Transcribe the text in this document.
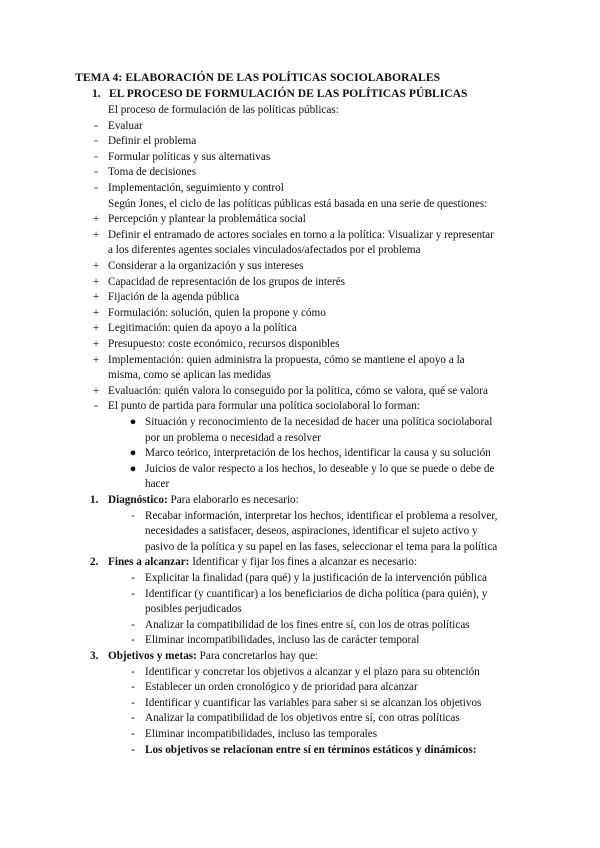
TEMA 4: ELABORACIÓN DE LAS POLÍTICAS SOCIOLABORALES
1. EL PROCESO DE FORMULACIÓN DE LAS POLÍTICAS PÚBLICAS
El proceso de formulación de las políticas públicas:
- Evaluar
- Definir el problema
- Formular políticas y sus alternativas
- Toma de decisiones
- Implementación, seguimiento y control
Según Jones, el ciclo de las políticas públicas está basada en una serie de questiones:
+ Percepción y plantear la problemática social
+ Definir el entramado de actores sociales en torno a la política: Visualizar y representar
a los diferentes agentes sociales vinculados/afectados por el problema
+ Considerar a la organización y sus intereses
+ Capacidad de representación de los grupos de interés
+ Fijación de la agenda pública
+ Formulación: solución, quien la propone y cómo
+ Legitimación: quien da apoyo a la política
+ Presupuesto: coste económico, recursos disponibles
+ Implementación: quien administra la propuesta, cómo se mantiene el apoyo a la
misma, como se aplican las medidas
+ Evaluación: quién valora lo conseguido por la política, cómo se valora, qué se valora
- El punto de partida para formular una política sociolaboral lo forman:
● Situación y reconocimiento de la necesidad de hacer una política sociolaboral
por un problema o necesidad a resolver
● Marco teórico, interpretación de los hechos, identificar la causa y su solución
● Juicios de valor respecto a los hechos, lo deseable y lo que se puede o debe de
hacer
1. Diagnóstico: Para elaborarlo es necesario:
- Recabar información, interpretar los hechos, identificar el problema a resolver,
necesidades a satisfacer, deseos, aspiraciones, identificar el sujeto activo y
pasivo de la política y su papel en las fases, seleccionar el tema para la política
2. Fines a alcanzar: Identificar y fijar los fines a alcanzar es necesario:
- Explicitar la finalidad (para qué) y la justificación de la intervención pública
- Identificar (y cuantificar) a los beneficiarios de dicha política (para quién), y
posibles perjudicados
- Analizar la compatibilidad de los fines entre sí, con los de otras políticas
- Eliminar incompatibilidades, incluso las de carácter temporal
3. Objetivos y metas: Para concretarlos hay que:
- Identificar y concretar los objetivos a alcanzar y el plazo para su obtención
- Establecer un orden cronológico y de prioridad para alcanzar
- Identificar y cuantificar las variables para saber si se alcanzan los objetivos
- Analizar la compatibilidad de los objetivos entre sí, con otras políticas
- Eliminar incompatibilidades, incluso las temporales
- Los objetivos se relacionan entre sí en términos estáticos y dinámicos:
